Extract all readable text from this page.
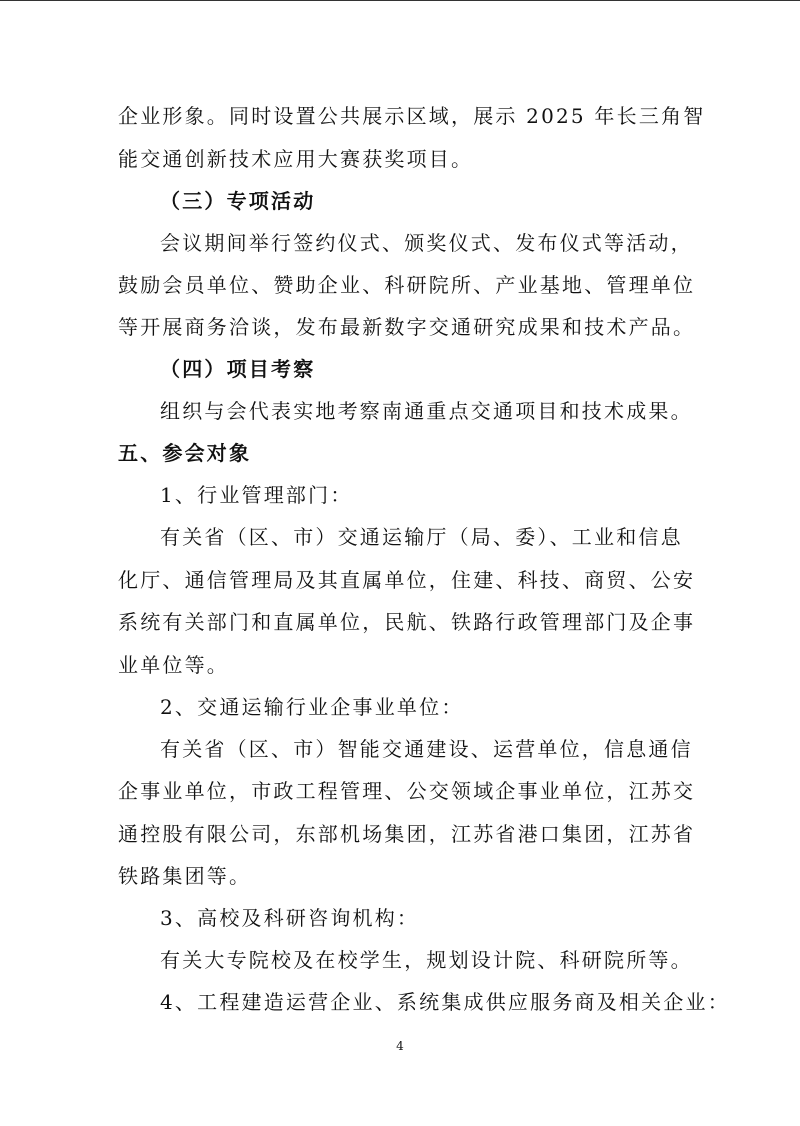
企业形象。同时设置公共展示区域，展示 2025 年长三角智
能交通创新技术应用大赛获奖项目。
（三）专项活动
会议期间举行签约仪式、颁奖仪式、发布仪式等活动，
鼓励会员单位、赞助企业、科研院所、产业基地、管理单位
等开展商务洽谈，发布最新数字交通研究成果和技术产品。
（四）项目考察
组织与会代表实地考察南通重点交通项目和技术成果。
五、参会对象
1、行业管理部门：
有关省（区、市）交通运输厅（局、委）、工业和信息
化厅、通信管理局及其直属单位，住建、科技、商贸、公安
系统有关部门和直属单位，民航、铁路行政管理部门及企事
业单位等。
2、交通运输行业企事业单位：
有关省（区、市）智能交通建设、运营单位，信息通信
企事业单位，市政工程管理、公交领域企事业单位，江苏交
通控股有限公司，东部机场集团，江苏省港口集团，江苏省
铁路集团等。
3、高校及科研咨询机构：
有关大专院校及在校学生，规划设计院、科研院所等。
4、工程建造运营企业、系统集成供应服务商及相关企业：
4
